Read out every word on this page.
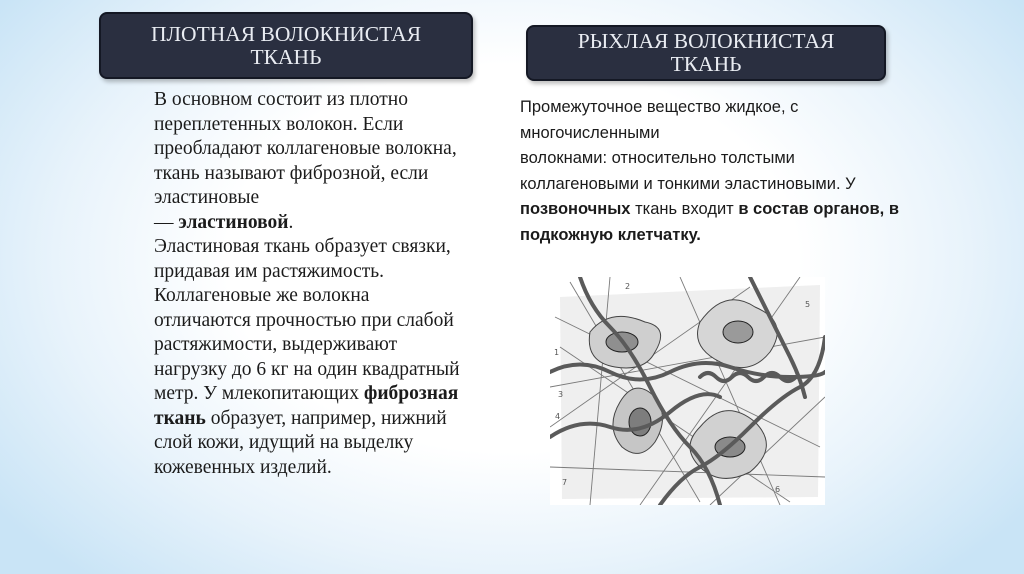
ПЛОТНАЯ ВОЛОКНИСТАЯ
ТКАНЬ
РЫХЛАЯ ВОЛОКНИСТАЯ
ТКАНЬ

В основном состоит из плотно переплетенных волокон. Если преобладают коллагеновые волокна, ткань называют фиброзной, если эластиновые
— эластиновой.

Эластиновая ткань образует связки, придавая им растяжимость. Коллагеновые же волокна

отличаются прочностью при слабой растяжимости, выдерживают нагрузку до 6 кг на один квадратный метр. У млекопитающих фиброзная ткань образует, например, нижний слой кожи, идущий на выделку кожевенных изделий.

Промежуточное вещество жидкое, с многочисленными

волокнами: относительно толстыми коллагеновыми и тонкими эластиновыми. У позвоночных ткань входит в состав органов, в подкожную клетчатку.

1
2
3
4
5
6
7
